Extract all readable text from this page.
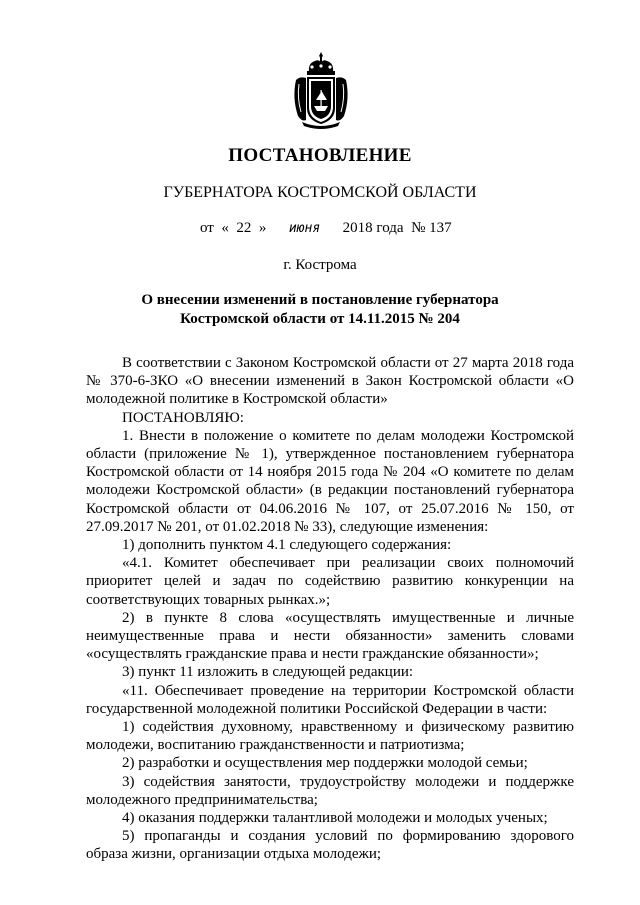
ПОСТАНОВЛЕНИЕ
ГУБЕРНАТОРА КОСТРОМСКОЙ ОБЛАСТИ
от «  22  » июня 2018 года № 137
г. Кострома
О внесении изменений в постановление губернатора
Костромской области от 14.11.2015 № 204

В соответствии с Законом Костромской области от 27 марта 2018 года № 370-6-ЗКО «О внесении изменений в Закон Костромской области «О молодежной политике в Костромской области»

ПОСТАНОВЛЯЮ:

1. Внести в положение о комитете по делам молодежи Костромской области (приложение № 1), утвержденное постановлением губернатора Костромской области от 14 ноября 2015 года № 204 «О комитете по делам молодежи Костромской области» (в редакции постановлений губернатора Костромской области от 04.06.2016 № 107, от 25.07.2016 № 150, от 27.09.2017 № 201, от 01.02.2018 № 33), следующие изменения:

1) дополнить пунктом 4.1 следующего содержания:

«4.1. Комитет обеспечивает при реализации своих полномочий приоритет целей и задач по содействию развитию конкуренции на соответствующих товарных рынках.»;

2) в пункте 8 слова «осуществлять имущественные и личные неимущественные права и нести обязанности» заменить словами «осуществлять гражданские права и нести гражданские обязанности»;

3) пункт 11 изложить в следующей редакции:

«11. Обеспечивает проведение на территории Костромской области государственной молодежной политики Российской Федерации в части:

1) содействия духовному, нравственному и физическому развитию молодежи, воспитанию гражданственности и патриотизма;

2) разработки и осуществления мер поддержки молодой семьи;

3) содействия занятости, трудоустройству молодежи и поддержке молодежного предпринимательства;

4) оказания поддержки талантливой молодежи и молодых ученых;

5) пропаганды и создания условий по формированию здорового образа жизни, организации отдыха молодежи;
